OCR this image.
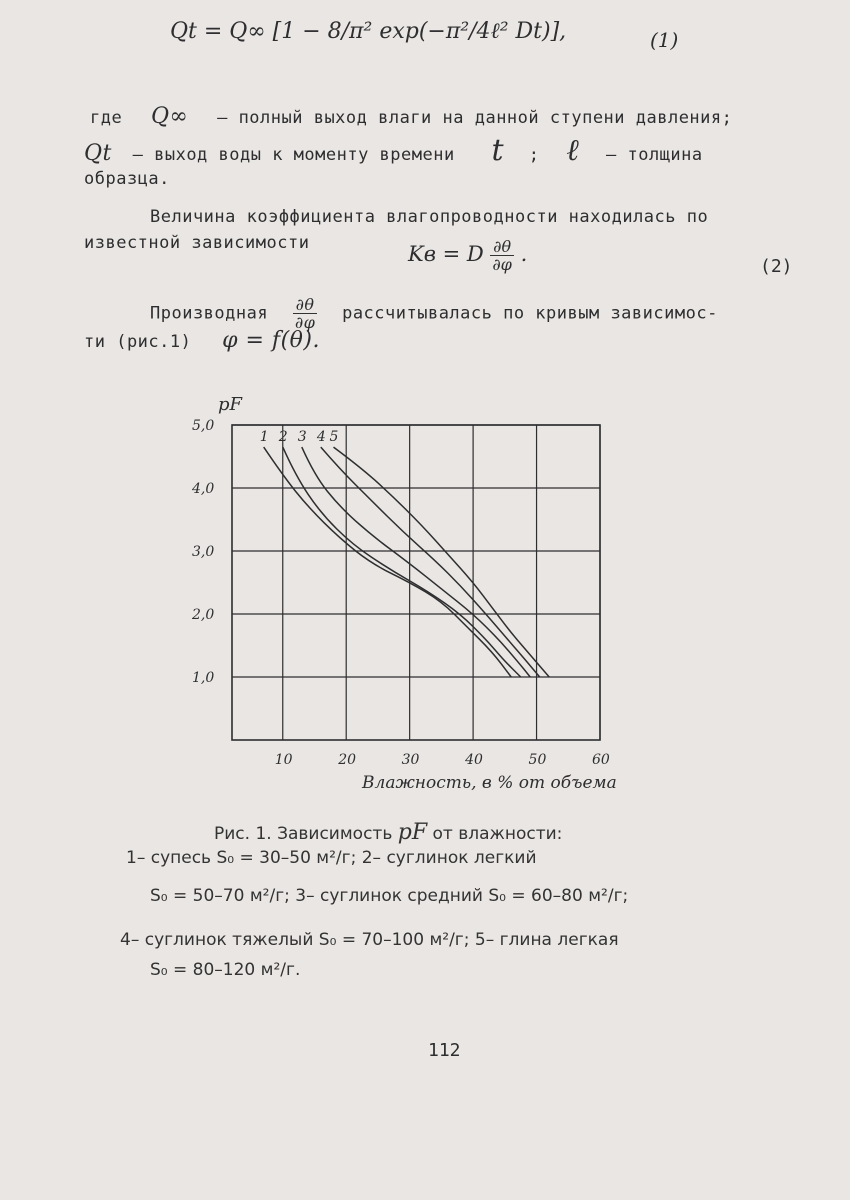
Qt = Q∞ [1 − 8/π² exp(−π²/4ℓ² Dt)],	(1)
где Q∞ – полный выход влаги на данной ступени давления;
Qt – выход воды к моменту времени t ; ℓ – толщина
образца.
Величина коэффициента влагопроводности находилась по
известной зависимости	Kв = D $\frac{\partial\theta}{\partial\varphi}$ .
(2)
Производная $\frac{\partial\theta}{\partial\varphi}$ рассчитывалась по кривым зависимос-
ти (рис.1) φ = f(θ).
10	20	30	40	50	60
1,0
2,0
3,0
4,0
5,0
1 2 3 4 5
pF
Влажность, в % от объема
Рис. 1. Зависимость pF от влажности:
1– супесь S₀ = 30–50 м²/г; 2– суглинок легкий
S₀ = 50–70 м²/г; 3– суглинок средний S₀ = 60–80 м²/г;
4– суглинок тяжелый S₀ = 70–100 м²/г; 5– глина легкая
S₀ = 80–120 м²/г.
112
